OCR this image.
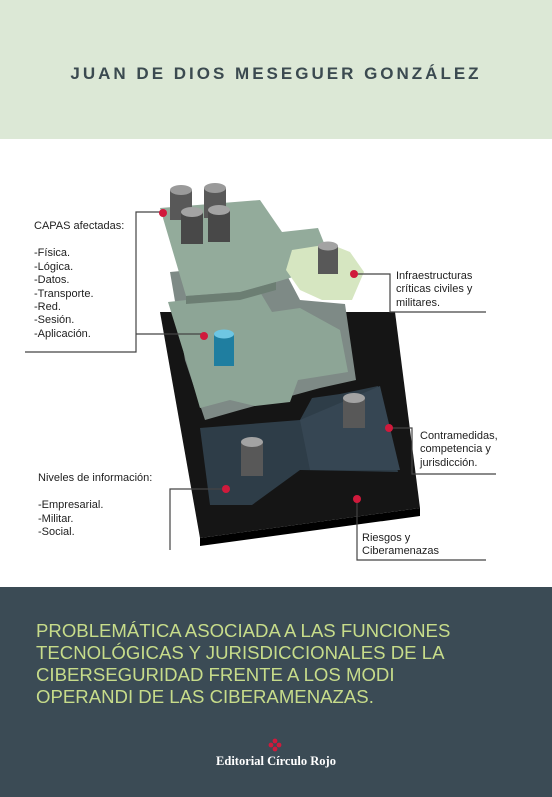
JUAN DE DIOS MESEGUER GONZÁLEZ
CAPAS afectadas:
-Física.
-Lógica.
-Datos.
-Transporte.
-Red.
-Sesión.
-Aplicación.
Infraestructuras
críticas civiles y
militares.
Contramedidas,
competencia y
jurisdicción.
Niveles de información:
-Empresarial.
-Militar.
-Social.	Riesgos y
Ciberamenazas
PROBLEMÁTICA ASOCIADA A LAS FUNCIONES
TECNOLÓGICAS Y JURISDICCIONALES DE LA
CIBERSEGURIDAD FRENTE A LOS MODI
OPERANDI DE LAS CIBERAMENAZAS.
Editorial Círculo Rojo
